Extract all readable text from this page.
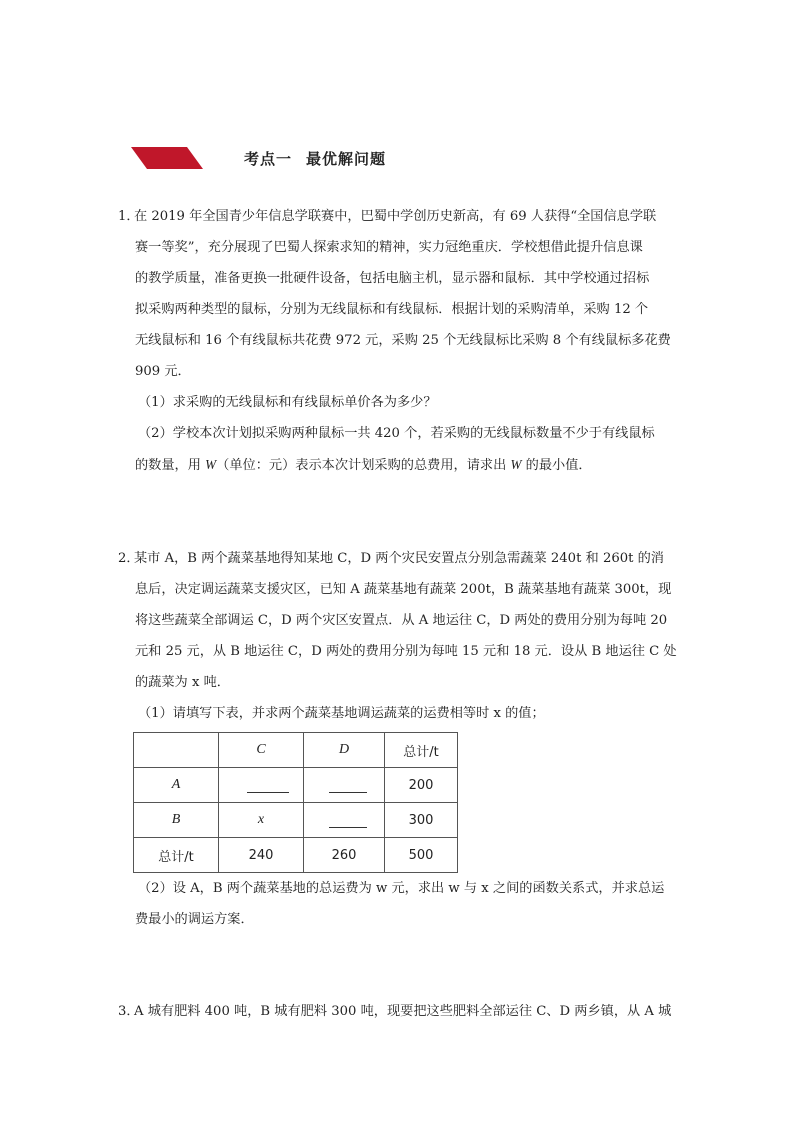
考点一 最优解问题

1．在 2019 年全国青少年信息学联赛中，巴蜀中学创历史新高，有 69 人获得“全国信息学联

赛一等奖”，充分展现了巴蜀人探索求知的精神，实力冠绝重庆．学校想借此提升信息课

的教学质量，准备更换一批硬件设备，包括电脑主机，显示器和鼠标．其中学校通过招标

拟采购两种类型的鼠标，分别为无线鼠标和有线鼠标．根据计划的采购清单，采购 12 个

无线鼠标和 16 个有线鼠标共花费 972 元，采购 25 个无线鼠标比采购 8 个有线鼠标多花费

909 元．

（1）求采购的无线鼠标和有线鼠标单价各为多少？

（2）学校本次计划拟采购两种鼠标一共 420 个，若采购的无线鼠标数量不少于有线鼠标

的数量，用 W（单位：元）表示本次计划采购的总费用，请求出 W 的最小值．

2．某市 A，B 两个蔬菜基地得知某地 C，D 两个灾民安置点分别急需蔬菜 240t 和 260t 的消

息后，决定调运蔬菜支援灾区，已知 A 蔬菜基地有蔬菜 200t，B 蔬菜基地有蔬菜 300t，现

将这些蔬菜全部调运 C，D 两个灾区安置点．从 A 地运往 C，D 两处的费用分别为每吨 20

元和 25 元，从 B 地运往 C，D 两处的费用分别为每吨 15 元和 18 元．设从 B 地运往 C 处

的蔬菜为 x 吨．

（1）请填写下表，并求两个蔬菜基地调运蔬菜的运费相等时 x 的值；

	C	D	总计/t
A			200
B	x		300
总计/t	240	260	500

（2）设 A，B 两个蔬菜基地的总运费为 w 元，求出 w 与 x 之间的函数关系式，并求总运

费最小的调运方案．

3．A 城有肥料 400 吨，B 城有肥料 300 吨，现要把这些肥料全部运往 C、D 两乡镇，从 A 城
